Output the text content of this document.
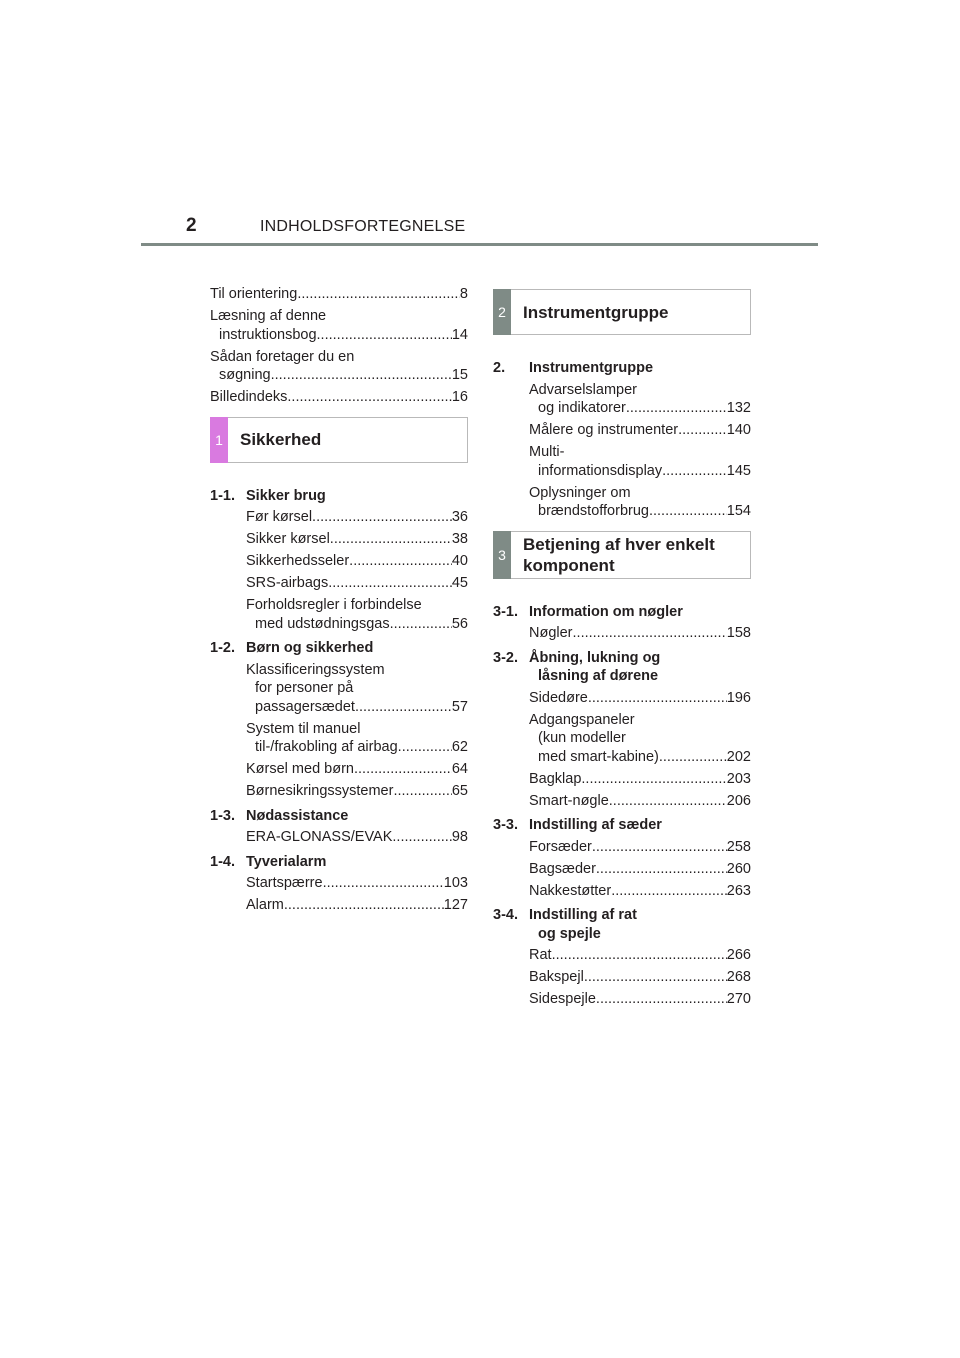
2	INDHOLDSFORTEGNELSE
Til orientering .....	8
Læsning af denne
instruktionsbog .....	14
Sådan foretager du en
søgning .....	15
Billedindeks .....	16
1	Sikkerhed
1-1. Sikker brug
Før kørsel .....	36
Sikker kørsel .....	38
Sikkerhedsseler .....	40
SRS-airbags .....	45
Forholdsregler i forbindelse
med udstødningsgas .....	56
1-2. Børn og sikkerhed
Klassificeringssystem
for personer på
passagersædet .....	57
System til manuel
til-/frakobling af airbag .....	62
Kørsel med børn .....	64
Børnesikringssystemer .....	65
1-3. Nødassistance
ERA-GLONASS/EVAK .....	98
1-4. Tyverialarm
Startspærre .....	103
Alarm .....	127
2	Instrumentgruppe
2.	Instrumentgruppe
Advarselslamper
og indikatorer .....	132
Målere og instrumenter .....	140
Multi-
informationsdisplay .....	145
Oplysninger om
brændstofforbrug .....	154
3
Betjening af hver enkelt
komponent
3-1. Information om nøgler
Nøgler .....	158
3-2. Åbning, lukning og
låsning af dørene
Sidedøre .....	196
Adgangspaneler
(kun modeller
med smart-kabine) .....	202
Bagklap .....	203
Smart-nøgle .....	206
3-3. Indstilling af sæder
Forsæder .....	258
Bagsæder .....	260
Nakkestøtter .....	263
3-4. Indstilling af rat
og spejle
Rat .....	266
Bakspejl .....	268
Sidespejle .....	270
